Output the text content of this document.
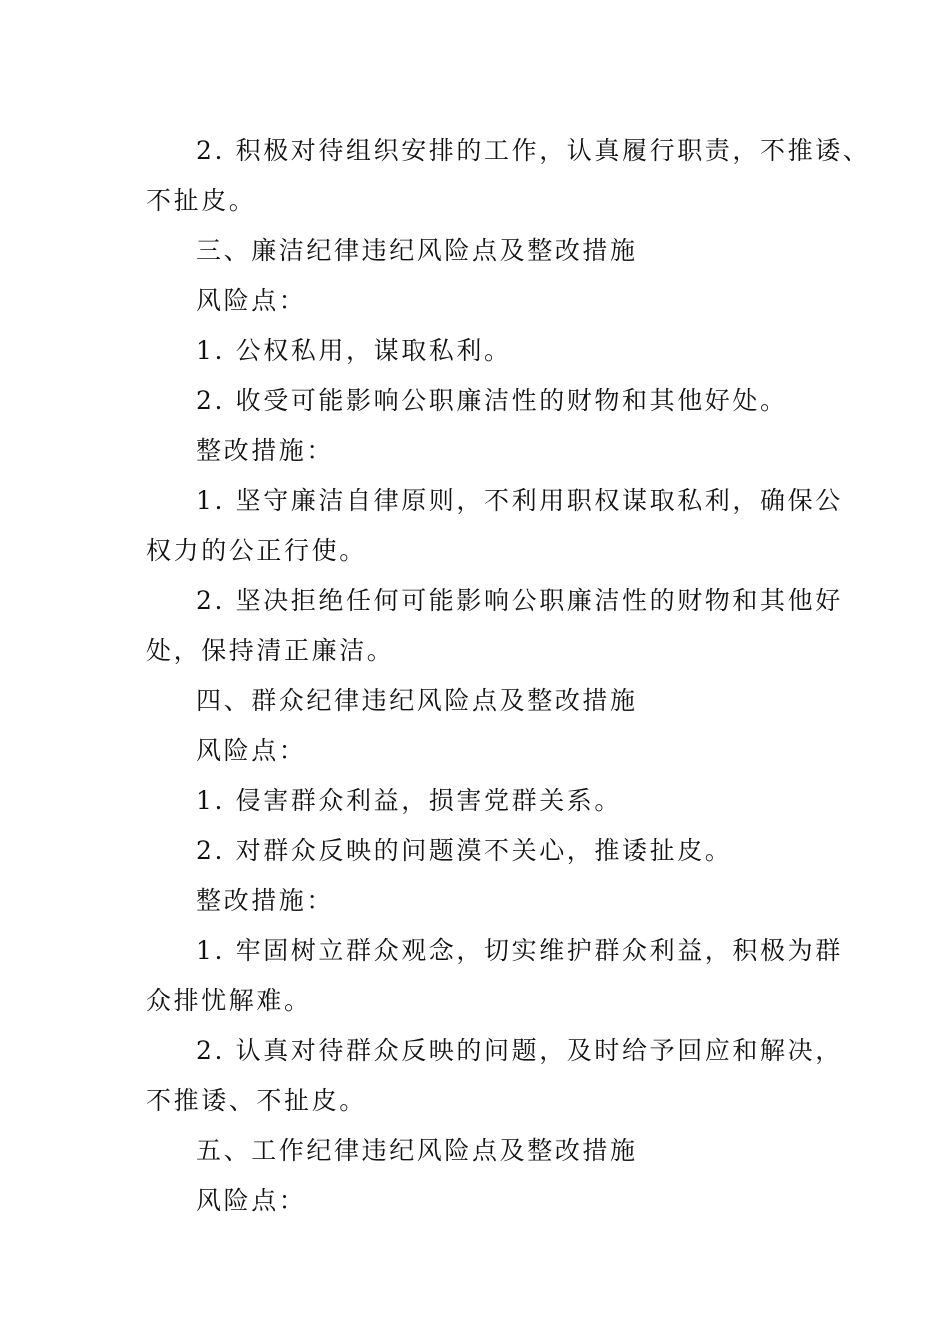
2. 积极对待组织安排的工作，认真履行职责，不推诿、
不扯皮。
三、廉洁纪律违纪风险点及整改措施
风险点：
1. 公权私用，谋取私利。
2. 收受可能影响公职廉洁性的财物和其他好处。
整改措施：
1. 坚守廉洁自律原则，不利用职权谋取私利，确保公
权力的公正行使。
2. 坚决拒绝任何可能影响公职廉洁性的财物和其他好
处，保持清正廉洁。
四、群众纪律违纪风险点及整改措施
风险点：
1. 侵害群众利益，损害党群关系。
2. 对群众反映的问题漠不关心，推诿扯皮。
整改措施：
1. 牢固树立群众观念，切实维护群众利益，积极为群
众排忧解难。
2. 认真对待群众反映的问题，及时给予回应和解决，
不推诿、不扯皮。
五、工作纪律违纪风险点及整改措施
风险点：
